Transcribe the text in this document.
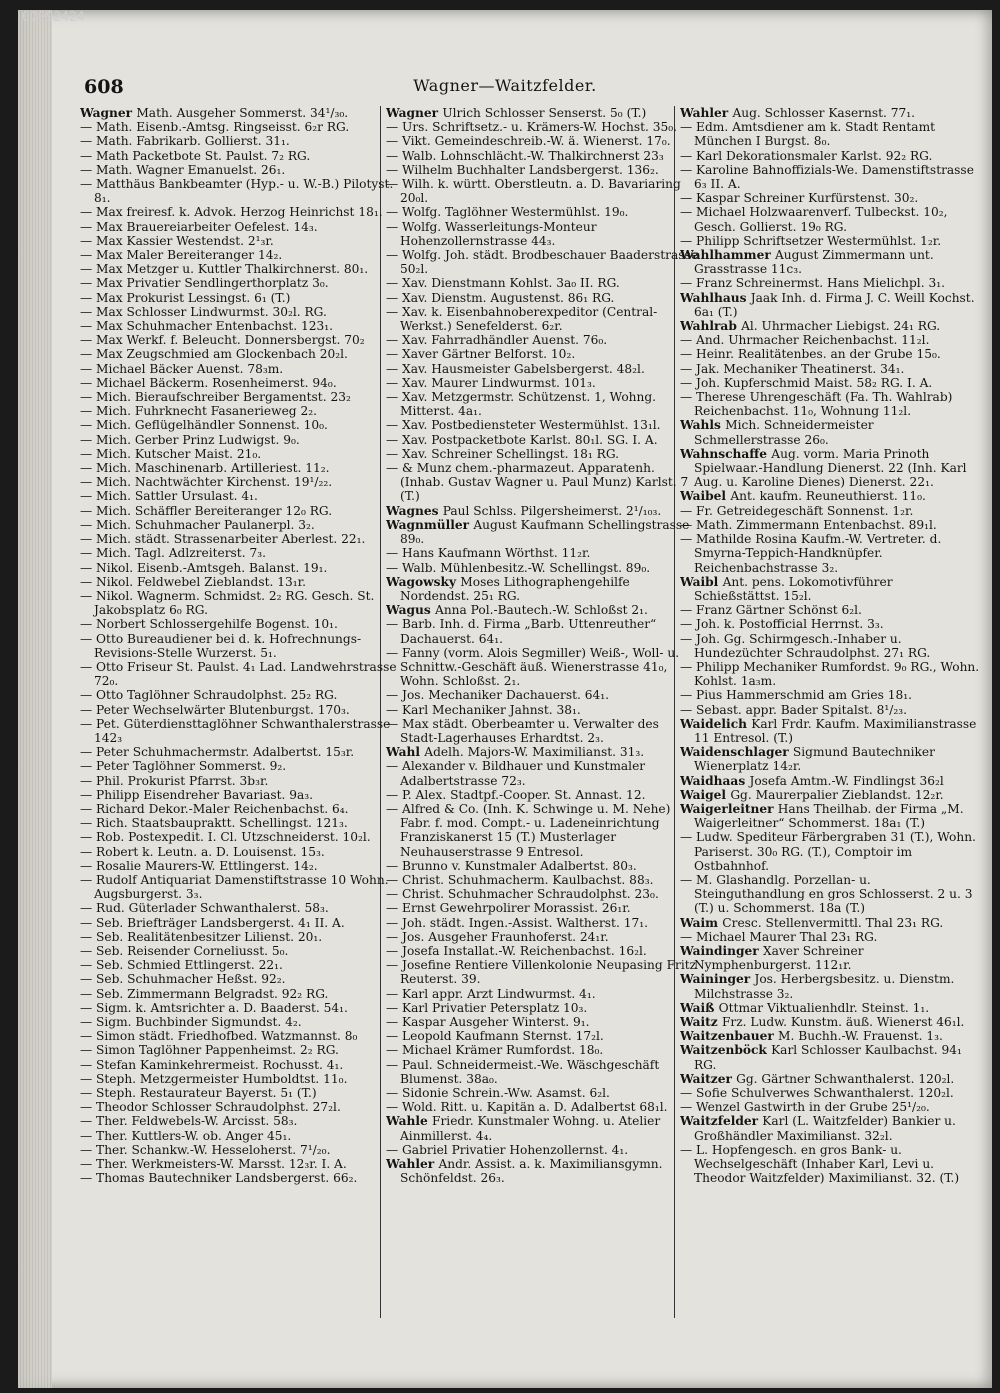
00092424
608	Wagner—Waitzfelder.

Wagner Math. Ausgeher Sommerst. 34¹/₃₀.

— Math. Eisenb.-Amtsg. Ringseisst. 6₂r RG.

— Math. Fabrikarb. Gollierst. 31₁.

— Math Packetbote St. Paulst. 7₂ RG.

— Math. Wagner Emanuelst. 26₁.

— Matthäus Bankbeamter (Hyp.- u. W.-B.) Pilotyst. 8₁.

— Max freiresf. k. Advok. Herzog Heinrichst 18₁.

— Max Brauereiarbeiter Oefelest. 14₃.

— Max Kassier Westendst. 2¹₃r.

— Max Maler Bereiteranger 14₂.

— Max Metzger u. Kuttler Thalkirchnerst. 80₁.

— Max Privatier Sendlingerthorplatz 3₀.

— Max Prokurist Lessingst. 6₁ (T.)

— Max Schlosser Lindwurmst. 30₂l. RG.

— Max Schuhmacher Entenbachst. 123₁.

— Max Werkf. f. Beleucht. Donnersbergst. 70₂

— Max Zeugschmied am Glockenbach 20₂l.

— Michael Bäcker Auenst. 78₃m.

— Michael Bäckerm. Rosenheimerst. 94₀.

— Mich. Bieraufschreiber Bergamentst. 23₂

— Mich. Fuhrknecht Fasanerieweg 2₂.

— Mich. Geflügelhändler Sonnenst. 10₀.

— Mich. Gerber Prinz Ludwigst. 9₀.

— Mich. Kutscher Maist. 21₀.

— Mich. Maschinenarb. Artilleriest. 11₂.

— Mich. Nachtwächter Kirchenst. 19¹/₂₂.

— Mich. Sattler Ursulast. 4₁.

— Mich. Schäffler Bereiteranger 12₀ RG.

— Mich. Schuhmacher Paulanerpl. 3₂.

— Mich. städt. Strassenarbeiter Aberlest. 22₁.

— Mich. Tagl. Adlzreiterst. 7₃.

— Nikol. Eisenb.-Amtsgeh. Balanst. 19₁.

— Nikol. Feldwebel Zieblandst. 13₁r.

— Nikol. Wagnerm. Schmidst. 2₂ RG. Gesch. St. Jakobsplatz 6₀ RG.

— Norbert Schlossergehilfe Bogenst. 10₁.

— Otto Bureaudiener bei d. k. Hofrechnungs-Revisions-Stelle Wurzerst. 5₁.

— Otto Friseur St. Paulst. 4₁ Lad. Landwehrstrasse 72₀.

— Otto Taglöhner Schraudolphst. 25₂ RG.

— Peter Wechselwärter Blutenburgst. 170₃.

— Pet. Güterdiensttaglöhner Schwanthalerstrasse 142₃

— Peter Schuhmachermstr. Adalbertst. 15₃r.

— Peter Taglöhner Sommerst. 9₂.

— Phil. Prokurist Pfarrst. 3b₃r.

— Philipp Eisendreher Bavariast. 9a₃.

— Richard Dekor.-Maler Reichenbachst. 6₄.

— Rich. Staatsbaupraktt. Schellingst. 121₃.

— Rob. Postexpedit. I. Cl. Utzschneiderst. 10₂l.

— Robert k. Leutn. a. D. Louisenst. 15₃.

— Rosalie Maurers-W. Ettlingerst. 14₂.

— Rudolf Antiquariat Damenstiftstrasse 10 Wohn. Augsburgerst. 3₃.

— Rud. Güterlader Schwanthalerst. 58₃.

— Seb. Briefträger Landsbergerst. 4₁ II. A.

— Seb. Realitätenbesitzer Lilienst. 20₁.

— Seb. Reisender Corneliusst. 5₀.

— Seb. Schmied Ettlingerst. 22₁.

— Seb. Schuhmacher Heßst. 92₂.

— Seb. Zimmermann Belgradst. 92₂ RG.

— Sigm. k. Amtsrichter a. D. Baaderst. 54₁.

— Sigm. Buchbinder Sigmundst. 4₂.

— Simon städt. Friedhofbed. Watzmannst. 8₀

— Simon Taglöhner Pappenheimst. 2₂ RG.

— Stefan Kaminkehrermeist. Rochusst. 4₁.

— Steph. Metzgermeister Humboldtst. 11₀.

— Steph. Restaurateur Bayerst. 5₁ (T.)

— Theodor Schlosser Schraudolphst. 27₂l.

— Ther. Feldwebels-W. Arcisst. 58₃.

— Ther. Kuttlers-W. ob. Anger 45₁.

— Ther. Schankw.-W. Hesseloherst. 7¹/₂₀.

— Ther. Werkmeisters-W. Marsst. 12₃r. I. A.

— Thomas Bautechniker Landsbergerst. 66₂.

Wagner Ulrich Schlosser Senserst. 5₀ (T.)

— Urs. Schriftsetz.- u. Krämers-W. Hochst. 35₀.

— Vikt. Gemeindeschreib.-W. ä. Wienerst. 17₀.

— Walb. Lohnschlächt.-W. Thalkirchnerst 23₃

— Wilhelm Buchhalter Landsbergerst. 136₂.

— Wilh. k. württ. Oberstleutn. a. D. Bavariaring 20₀l.

— Wolfg. Taglöhner Westermühlst. 19₀.

— Wolfg. Wasserleitungs-Monteur Hohenzollernstrasse 44₃.

— Wolfg. Joh. städt. Brodbeschauer Baaderstrasse 50₂l.

— Xav. Dienstmann Kohlst. 3a₀ II. RG.

— Xav. Dienstm. Augustenst. 86₁ RG.

— Xav. k. Eisenbahnoberexpeditor (Central-Werkst.) Senefelderst. 6₂r.

— Xav. Fahrradhändler Auenst. 76₀.

— Xaver Gärtner Belforst. 10₂.

— Xav. Hausmeister Gabelsbergerst. 48₂l.

— Xav. Maurer Lindwurmst. 101₃.

— Xav. Metzgermstr. Schützenst. 1, Wohng. Mitterst. 4a₁.

— Xav. Postbediensteter Westermühlst. 13₁l.

— Xav. Postpacketbote Karlst. 80₁l. SG. I. A.

— Xav. Schreiner Schellingst. 18₁ RG.

— & Munz chem.-pharmazeut. Apparatenh. (Inhab. Gustav Wagner u. Paul Munz) Karlst. 7 (T.)

Wagnes Paul Schlss. Pilgersheimerst. 2¹/₁₀₃.

Wagnmüller August Kaufmann Schellingstrasse 89₀.

— Hans Kaufmann Wörthst. 11₂r.

— Walb. Mühlenbesitz.-W. Schellingst. 89₀.

Wagowsky Moses Lithographengehilfe Nordendst. 25₁ RG.

Wagus Anna Pol.-Bautech.-W. Schloßst 2₁.

— Barb. Inh. d. Firma „Barb. Uttenreuther“ Dachauerst. 64₁.

— Fanny (vorm. Alois Segmiller) Weiß-, Woll- u. Schnittw.-Geschäft äuß. Wienerstrasse 41₀, Wohn. Schloßst. 2₁.

— Jos. Mechaniker Dachauerst. 64₁.

— Karl Mechaniker Jahnst. 38₁.

— Max städt. Oberbeamter u. Verwalter des Stadt-Lagerhauses Erhardtst. 2₃.

Wahl Adelh. Majors-W. Maximilianst. 31₃.

— Alexander v. Bildhauer und Kunstmaler Adalbertstrasse 72₃.

— P. Alex. Stadtpf.-Cooper. St. Annast. 12.

— Alfred & Co. (Inh. K. Schwinge u. M. Nehe) Fabr. f. mod. Compt.- u. Ladeneinrichtung Franziskanerst 15 (T.) Musterlager Neuhauserstrasse 9 Entresol.

— Brunno v. Kunstmaler Adalbertst. 80₃.

— Christ. Schuhmacherm. Kaulbachst. 88₃.

— Christ. Schuhmacher Schraudolphst. 23₀.

— Ernst Gewehrpolirer Morassist. 26₁r.

— Joh. städt. Ingen.-Assist. Waltherst. 17₁.

— Jos. Ausgeher Fraunhoferst. 24₁r.

— Josefa Installat.-W. Reichenbachst. 16₂l.

— Josefine Rentiere Villenkolonie Neupasing Fritz Reuterst. 39.

— Karl appr. Arzt Lindwurmst. 4₁.

— Karl Privatier Petersplatz 10₃.

— Kaspar Ausgeher Winterst. 9₁.

— Leopold Kaufmann Sternst. 17₂l.

— Michael Krämer Rumfordst. 18₀.

— Paul. Schneidermeist.-We. Wäschgeschäft Blumenst. 38a₀.

— Sidonie Schrein.-Ww. Asamst. 6₂l.

— Wold. Ritt. u. Kapitän a. D. Adalbertst 68₁l.

Wahle Friedr. Kunstmaler Wohng. u. Atelier Ainmillerst. 4₄.

— Gabriel Privatier Hohenzollernst. 4₁.

Wahler Andr. Assist. a. k. Maximiliansgymn. Schönfeldst. 26₃.

Wahler Aug. Schlosser Kasernst. 77₁.

— Edm. Amtsdiener am k. Stadt Rentamt München I Burgst. 8₀.

— Karl Dekorationsmaler Karlst. 92₂ RG.

— Karoline Bahnoffizials-We. Damenstiftstrasse 6₃ II. A.

— Kaspar Schreiner Kurfürstenst. 30₂.

— Michael Holzwaarenverf. Tulbeckst. 10₂, Gesch. Gollierst. 19₀ RG.

— Philipp Schriftsetzer Westermühlst. 1₂r.

Wahlhammer August Zimmermann unt. Grasstrasse 11c₃.

— Franz Schreinermst. Hans Mielichpl. 3₁.

Wahlhaus Jaak Inh. d. Firma J. C. Weill Kochst. 6a₁ (T.)

Wahlrab Al. Uhrmacher Liebigst. 24₁ RG.

— And. Uhrmacher Reichenbachst. 11₂l.

— Heinr. Realitätenbes. an der Grube 15₀.

— Jak. Mechaniker Theatinerst. 34₁.

— Joh. Kupferschmid Maist. 58₂ RG. I. A.

— Therese Uhrengeschäft (Fa. Th. Wahlrab) Reichenbachst. 11₀, Wohnung 11₂l.

Wahls Mich. Schneidermeister Schmellerstrasse 26₀.

Wahnschaffe Aug. vorm. Maria Prinoth Spielwaar.-Handlung Dienerst. 22 (Inh. Karl Aug. u. Karoline Dienes) Dienerst. 22₁.

Waibel Ant. kaufm. Reuneuthierst. 11₀.

— Fr. Getreidegeschäft Sonnenst. 1₂r.

— Math. Zimmermann Entenbachst. 89₁l.

— Mathilde Rosina Kaufm.-W. Vertreter. d. Smyrna-Teppich-Handknüpfer. Reichenbachstrasse 3₂.

Waibl Ant. pens. Lokomotivführer Schießstättst. 15₂l.

— Franz Gärtner Schönst 6₂l.

— Joh. k. Postofficial Herrnst. 3₃.

— Joh. Gg. Schirmgesch.-Inhaber u. Hundezüchter Schraudolphst. 27₁ RG.

— Philipp Mechaniker Rumfordst. 9₀ RG., Wohn. Kohlst. 1a₃m.

— Pius Hammerschmid am Gries 18₁.

— Sebast. appr. Bader Spitalst. 8¹/₂₃.

Waidelich Karl Frdr. Kaufm. Maximilianstrasse 11 Entresol. (T.)

Waidenschlager Sigmund Bautechniker Wienerplatz 14₂r.

Waidhaas Josefa Amtm.-W. Findlingst 36₂l

Waigel Gg. Maurerpalier Zieblandst. 12₂r.

Waigerleitner Hans Theilhab. der Firma „M. Waigerleitner“ Schommerst. 18a₁ (T.)

— Ludw. Spediteur Färbergraben 31 (T.), Wohn. Pariserst. 30₀ RG. (T.), Comptoir im Ostbahnhof.

— M. Glashandlg. Porzellan- u. Steinguthandlung en gros Schlosserst. 2 u. 3 (T.) u. Schommerst. 18a (T.)

Waim Cresc. Stellenvermittl. Thal 23₁ RG.

— Michael Maurer Thal 23₁ RG.

Waindinger Xaver Schreiner Nymphenburgerst. 112₁r.

Waininger Jos. Herbergsbesitz. u. Dienstm. Milchstrasse 3₂.

Waiß Ottmar Viktualienhdlr. Steinst. 1₁.

Waitz Frz. Ludw. Kunstm. äuß. Wienerst 46₁l.

Waitzenbauer M. Buchh.-W. Frauenst. 1₃.

Waitzenböck Karl Schlosser Kaulbachst. 94₁ RG.

Waitzer Gg. Gärtner Schwanthalerst. 120₂l.

— Sofie Schulverwes Schwanthalerst. 120₂l.

— Wenzel Gastwirth in der Grube 25¹/₂₀.

Waitzfelder Karl (L. Waitzfelder) Bankier u. Großhändler Maximilianst. 32₂l.

— L. Hopfengesch. en gros Bank- u. Wechselgeschäft (Inhaber Karl, Levi u. Theodor Waitzfelder) Maximilianst. 32. (T.)
